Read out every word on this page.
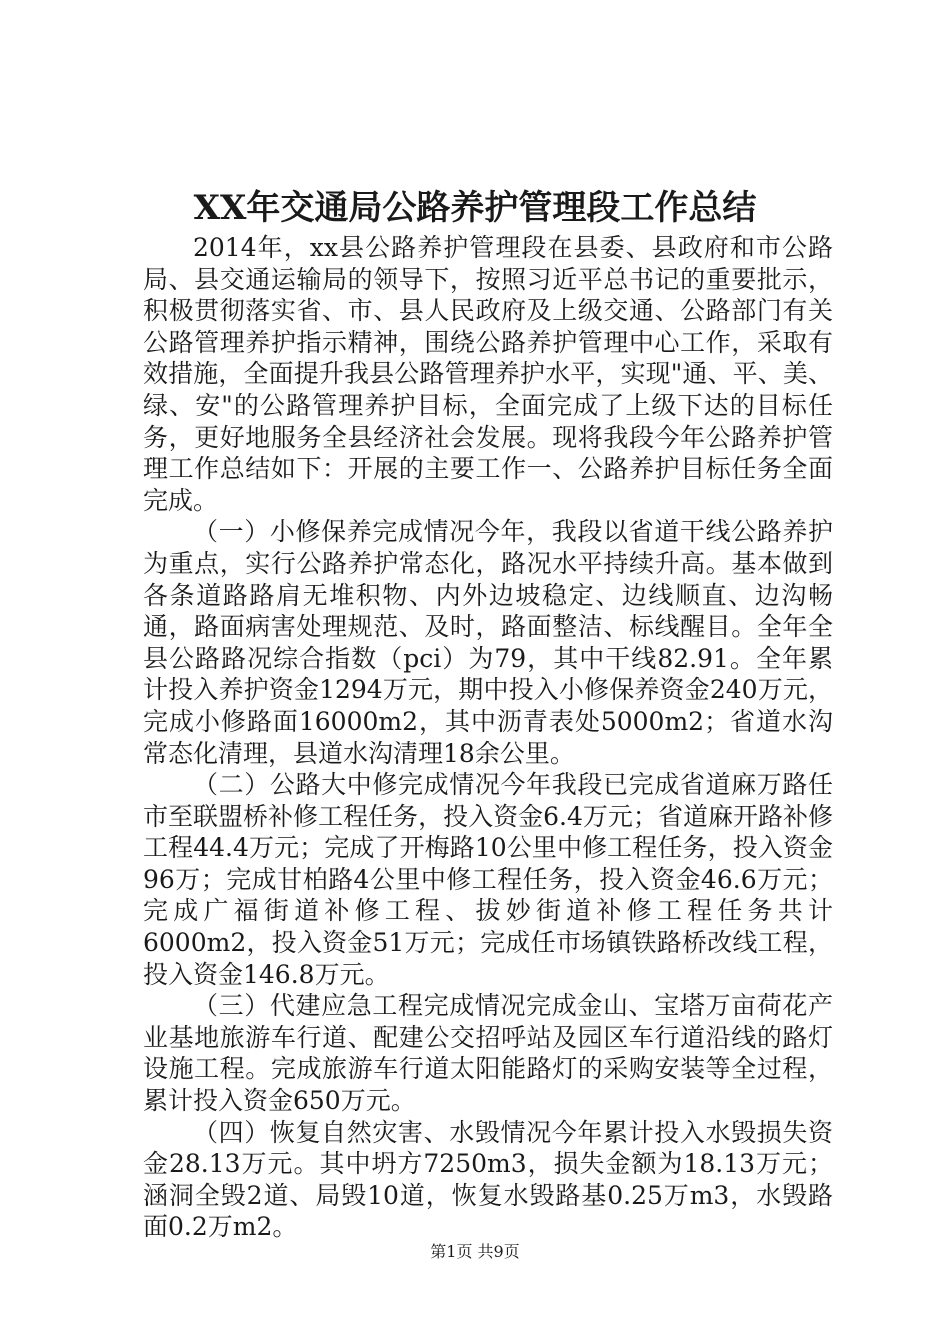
XX年交通局公路养护管理段工作总结

2014年，xx县公路养护管理段在县委、县政府和市公路局、县交通运输局的领导下，按照习近平总书记的重要批示，积极贯彻落实省、市、县人民政府及上级交通、公路部门有关公路管理养护指示精神，围绕公路养护管理中心工作，采取有效措施，全面提升我县公路管理养护水平，实现"通、平、美、绿、安"的公路管理养护目标，全面完成了上级下达的目标任务，更好地服务全县经济社会发展。现将我段今年公路养护管理工作总结如下：开展的主要工作一、公路养护目标任务全面完成。

（一）小修保养完成情况今年，我段以省道干线公路养护为重点，实行公路养护常态化，路况水平持续升高。基本做到各条道路路肩无堆积物、内外边坡稳定、边线顺直、边沟畅通，路面病害处理规范、及时，路面整洁、标线醒目。全年全县公路路况综合指数（pci）为79，其中干线82.91。全年累计投入养护资金1294万元，期中投入小修保养资金240万元，完成小修路面16000m2，其中沥青表处5000m2；省道水沟常态化清理，县道水沟清理18余公里。

（二）公路大中修完成情况今年我段已完成省道麻万路任市至联盟桥补修工程任务，投入资金6.4万元；省道麻开路补修工程44.4万元；完成了开梅路10公里中修工程任务，投入资金96万；完成甘柏路4公里中修工程任务，投入资金46.6万元；完成广福街道补修工程、拔妙街道补修工程任务共计6000m2，投入资金51万元；完成任市场镇铁路桥改线工程，投入资金146.8万元。

（三）代建应急工程完成情况完成金山、宝塔万亩荷花产业基地旅游车行道、配建公交招呼站及园区车行道沿线的路灯设施工程。完成旅游车行道太阳能路灯的采购安装等全过程，累计投入资金650万元。

（四）恢复自然灾害、水毁情况今年累计投入水毁损失资金28.13万元。其中坍方7250m3，损失金额为18.13万元；涵洞全毁2道、局毁10道，恢复水毁路基0.25万m3，水毁路面0.2万m2。

第1页 共9页
